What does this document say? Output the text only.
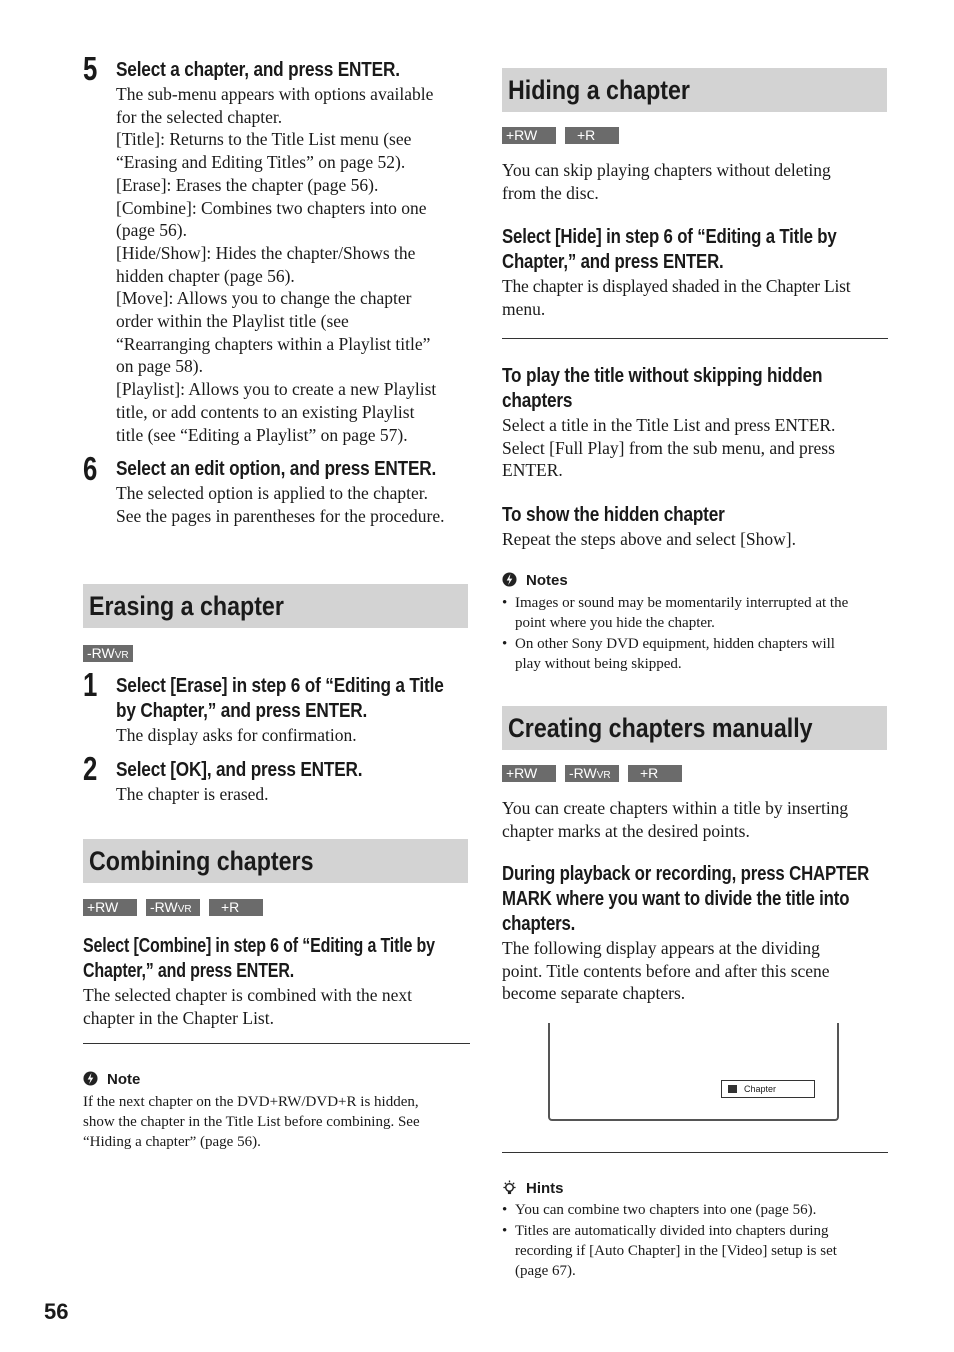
5 Select a chapter, and press ENTER.

The sub-menu appears with options available

for the selected chapter.

[Title]: Returns to the Title List menu (see

“Erasing and Editing Titles” on page 52).

[Erase]: Erases the chapter (page 56).

[Combine]: Combines two chapters into one

(page 56).

[Hide/Show]: Hides the chapter/Shows the

hidden chapter (page 56).

[Move]: Allows you to change the chapter

order within the Playlist title (see

“Rearranging chapters within a Playlist title”

on page 58).

[Playlist]: Allows you to create a new Playlist

title, or add contents to an existing Playlist

title (see “Editing a Playlist” on page 57).

6 Select an edit option, and press ENTER.

The selected option is applied to the chapter.

See the pages in parentheses for the procedure.

Erasing a chapter
-RWVR
1 Select [Erase] in step 6 of “Editing a Title
by Chapter,” and press ENTER.
The display asks for confirmation.
2 Select [OK], and press ENTER.
The chapter is erased.
Combining chapters
+RW	-RWVR	+R
Select [Combine] in step 6 of “Editing a Title by
Chapter,” and press ENTER.
The selected chapter is combined with the next
chapter in the Chapter List.
Note
If the next chapter on the DVD+RW/DVD+R is hidden,
show the chapter in the Title List before combining. See
“Hiding a chapter” (page 56).
Hiding a chapter
+RW	+R

You can skip playing chapters without deleting

from the disc.

Select [Hide] in step 6 of “Editing a Title by
Chapter,” and press ENTER.
The chapter is displayed shaded in the Chapter List
menu.
To play the title without skipping hidden
chapters
Select a title in the Title List and press ENTER.
Select [Full Play] from the sub menu, and press
ENTER.
To show the hidden chapter
Repeat the steps above and select [Show].
Notes
• Images or sound may be momentarily interrupted at the
point where you hide the chapter.
• On other Sony DVD equipment, hidden chapters will
play without being skipped.
Creating chapters manually
+RW	-RWVR	+R

You can create chapters within a title by inserting

chapter marks at the desired points.

During playback or recording, press CHAPTER
MARK where you want to divide the title into
chapters.
The following display appears at the dividing
point. Title contents before and after this scene
become separate chapters.
Hints
• You can combine two chapters into one (page 56).
• Titles are automatically divided into chapters during
recording if [Auto Chapter] in the [Video] setup is set
(page 67).
Chapter
56
